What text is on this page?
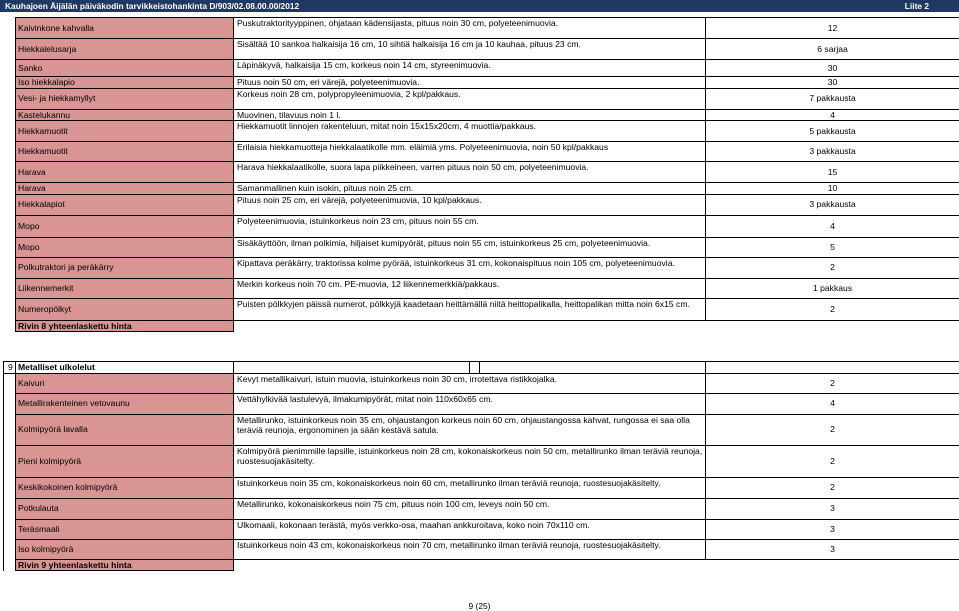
Kauhajoen Äijälän päiväkodin tarvikkeistohankinta D/903/02.08.00.00/2012	Liite 2
Kaivinkone kahvalla	Puskutraktorityyppinen, ohjataan kädensijasta, pituus noin 30 cm, polyeteenimuovia.	12
Hiekkalelusarja	Sisältää 10 sankoa halkaisija 16 cm, 10 sihtiä halkaisija 16 cm ja 10 kauhaa, pituus 23 cm.	6 sarjaa
Sanko	Läpinäkyvä, halkaisija 15 cm, korkeus noin 14 cm, styreenimuovia.	30
Iso hiekkalapio	Pituus noin 50 cm, eri värejä, polyeteenimuovia.	30
Vesi- ja hiekkamyllyt	Korkeus noin 28 cm, polypropyleenimuovia, 2 kpl/pakkaus.	7 pakkausta
Kastelukannu	Muovinen, tilavuus noin 1 l.	4
Hiekkamuotit	Hiekkamuotit linnojen rakenteluun, mitat noin 15x15x20cm, 4 muottia/pakkaus.	5 pakkausta
Hiekkamuotit	Erilaisia hiekkamuotteja hiekkalaatikolle mm. eläimiä yms. Polyeteenimuovia, noin 50 kpl/pakkaus	3 pakkausta
Harava	Harava hiekkalaatikolle, suora lapa piikkeineen, varren pituus noin 50 cm, polyeteenimuovia.	15
Harava	Samanmallinen kuin isokin, pituus noin 25 cm.	10
Hiekkalapiot	Pituus noin 25 cm, eri värejä, polyeteenimuovia, 10 kpl/pakkaus.	3 pakkausta
Mopo	Polyeteenimuovia, istuinkorkeus noin 23 cm, pituus noin 55 cm.	4
Mopo	Sisäkäyttöön, ilman polkimia, hiljaiset kumipyörät, pituus noin 55 cm, istuinkorkeus 25 cm, polyeteenimuovia.	5
Polkutraktori ja peräkärry	Kipattava peräkärry, traktorissa kolme pyörää, istuinkorkeus 31 cm, kokonaispituus noin 105 cm, polyeteenimuovia.	2
Liikennemerkit	Merkin korkeus noin 70 cm. PE-muovia, 12 liikennemerkkiä/pakkaus.	1 pakkaus
Numeropölkyt	Puisten pölkkyjen päissä numerot, pölkkyjä kaadetaan heittämällä niitä heittopalikalla, heittopalikan mitta noin 6x15 cm.	2
Rivin 8 yhteenlaskettu hinta		
9	Metalliset ulkolelut				
	Kaivuri	Kevyt metallikaivuri, istuin muovia, istuinkorkeus noin 30 cm, irrotettava ristikkojalka.			2
	Metallirakenteinen vetovaunu	Vettähylkivää lastulevyä, ilmakumipyörät, mitat noin 110x60x65 cm.			4
	Kolmipyörä lavalla	Metallirunko, istuinkorkeus noin 35 cm, ohjaustangon korkeus noin 60 cm, ohjaustangossa kahvat, rungossa ei saa olla teräviä reunoja, ergonominen ja sään kestävä satula.			2
	Pieni kolmipyörä	Kolmipyörä pienimmille lapsille, istuinkorkeus noin 28 cm, kokonaiskorkeus noin 50 cm, metallirunko ilman teräviä reunoja, ruostesuojakäsitelty.			2
	Keskikokoinen kolmipyörä	Istuinkorkeus noin 35 cm, kokonaiskorkeus noin 60 cm, metallirunko ilman teräviä reunoja, ruostesuojakäsitelty.			2
	Potkulauta	Metallirunko, kokonaiskorkeus noin 75 cm, pituus noin 100 cm, leveys noin 50 cm.			3
	Teräsmaali	Ulkomaali, kokonaan terästä, myös verkko-osa, maahan ankkuroitava, koko noin 70x110 cm.			3
	Iso kolmipyörä	Istuinkorkeus noin 43 cm, kokonaiskorkeus noin 70 cm, metallirunko ilman teräviä reunoja, ruostesuojakäsitelty.			3
	Rivin 9 yhteenlaskettu hinta				
9 (25)
